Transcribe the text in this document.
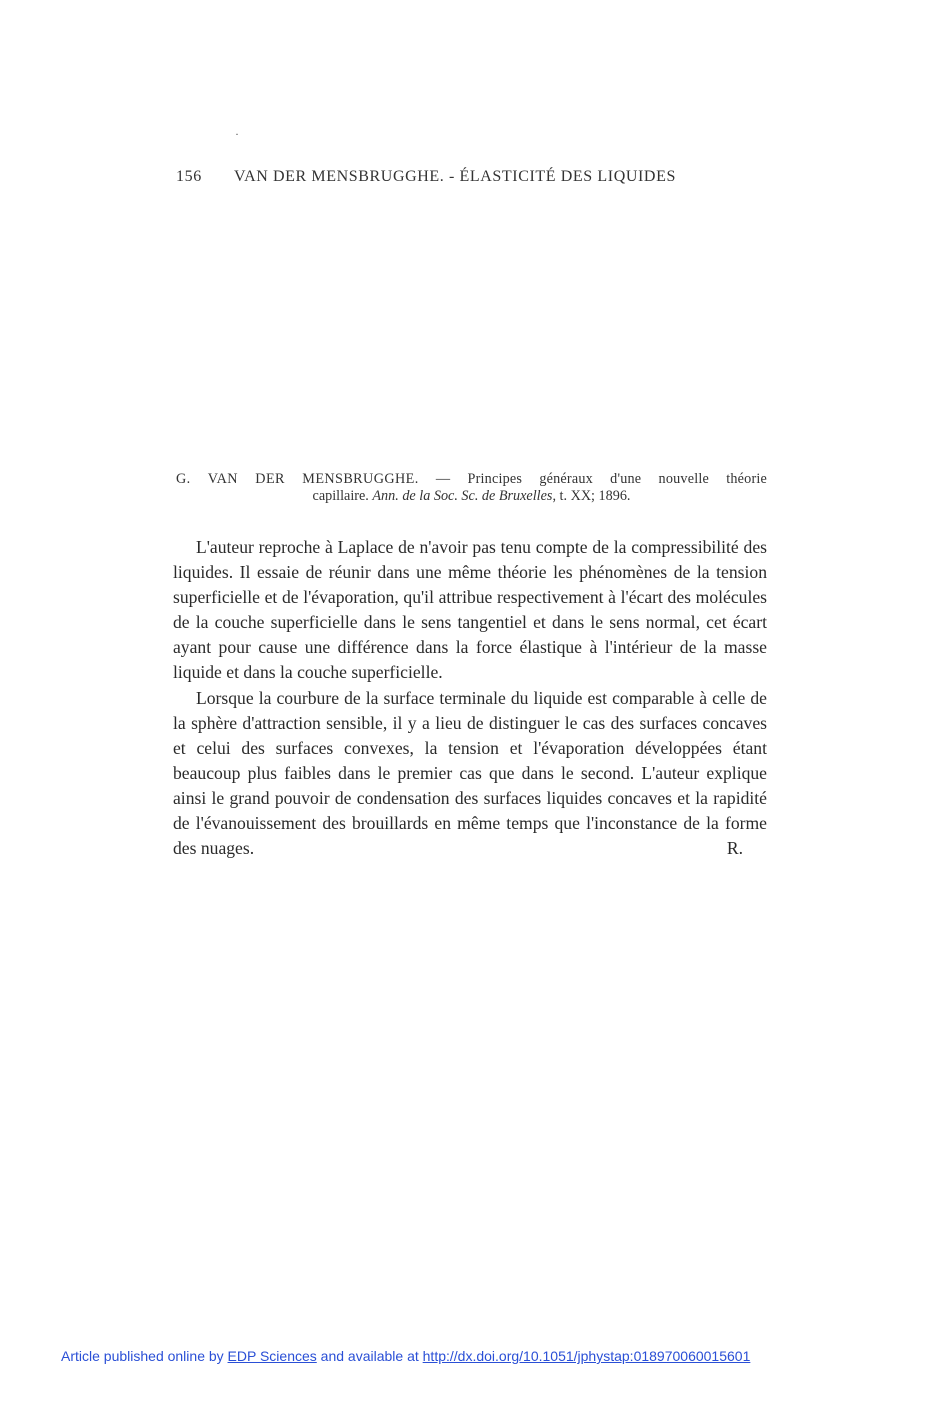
·
156 VAN DER MENSBRUGGHE. - ÉLASTICITÉ DES LIQUIDES
G. VAN DER MENSBRUGGHE. — Principes généraux d'une nouvelle théorie
capillaire. Ann. de la Soc. Sc. de Bruxelles, t. XX; 1896.

L'auteur reproche à Laplace de n'avoir pas tenu compte de la compressibilité des liquides. Il essaie de réunir dans une même théorie les phénomènes de la tension superficielle et de l'évaporation, qu'il attribue respectivement à l'écart des molécules de la couche superficielle dans le sens tangentiel et dans le sens normal, cet écart ayant pour cause une différence dans la force élastique à l'intérieur de la masse liquide et dans la couche superficielle.

Lorsque la courbure de la surface terminale du liquide est comparable à celle de la sphère d'attraction sensible, il y a lieu de distinguer le cas des surfaces concaves et celui des surfaces convexes, la tension et l'évaporation développées étant beaucoup plus faibles dans le premier cas que dans le second. L'auteur explique ainsi le grand pouvoir de condensation des surfaces liquides concaves et la rapidité de l'évanouissement des brouillards en même temps que l'inconstance de la forme des nuages.	R.

Article published online by EDP Sciences and available at http://dx.doi.org/10.1051/jphystap:018970060015601
